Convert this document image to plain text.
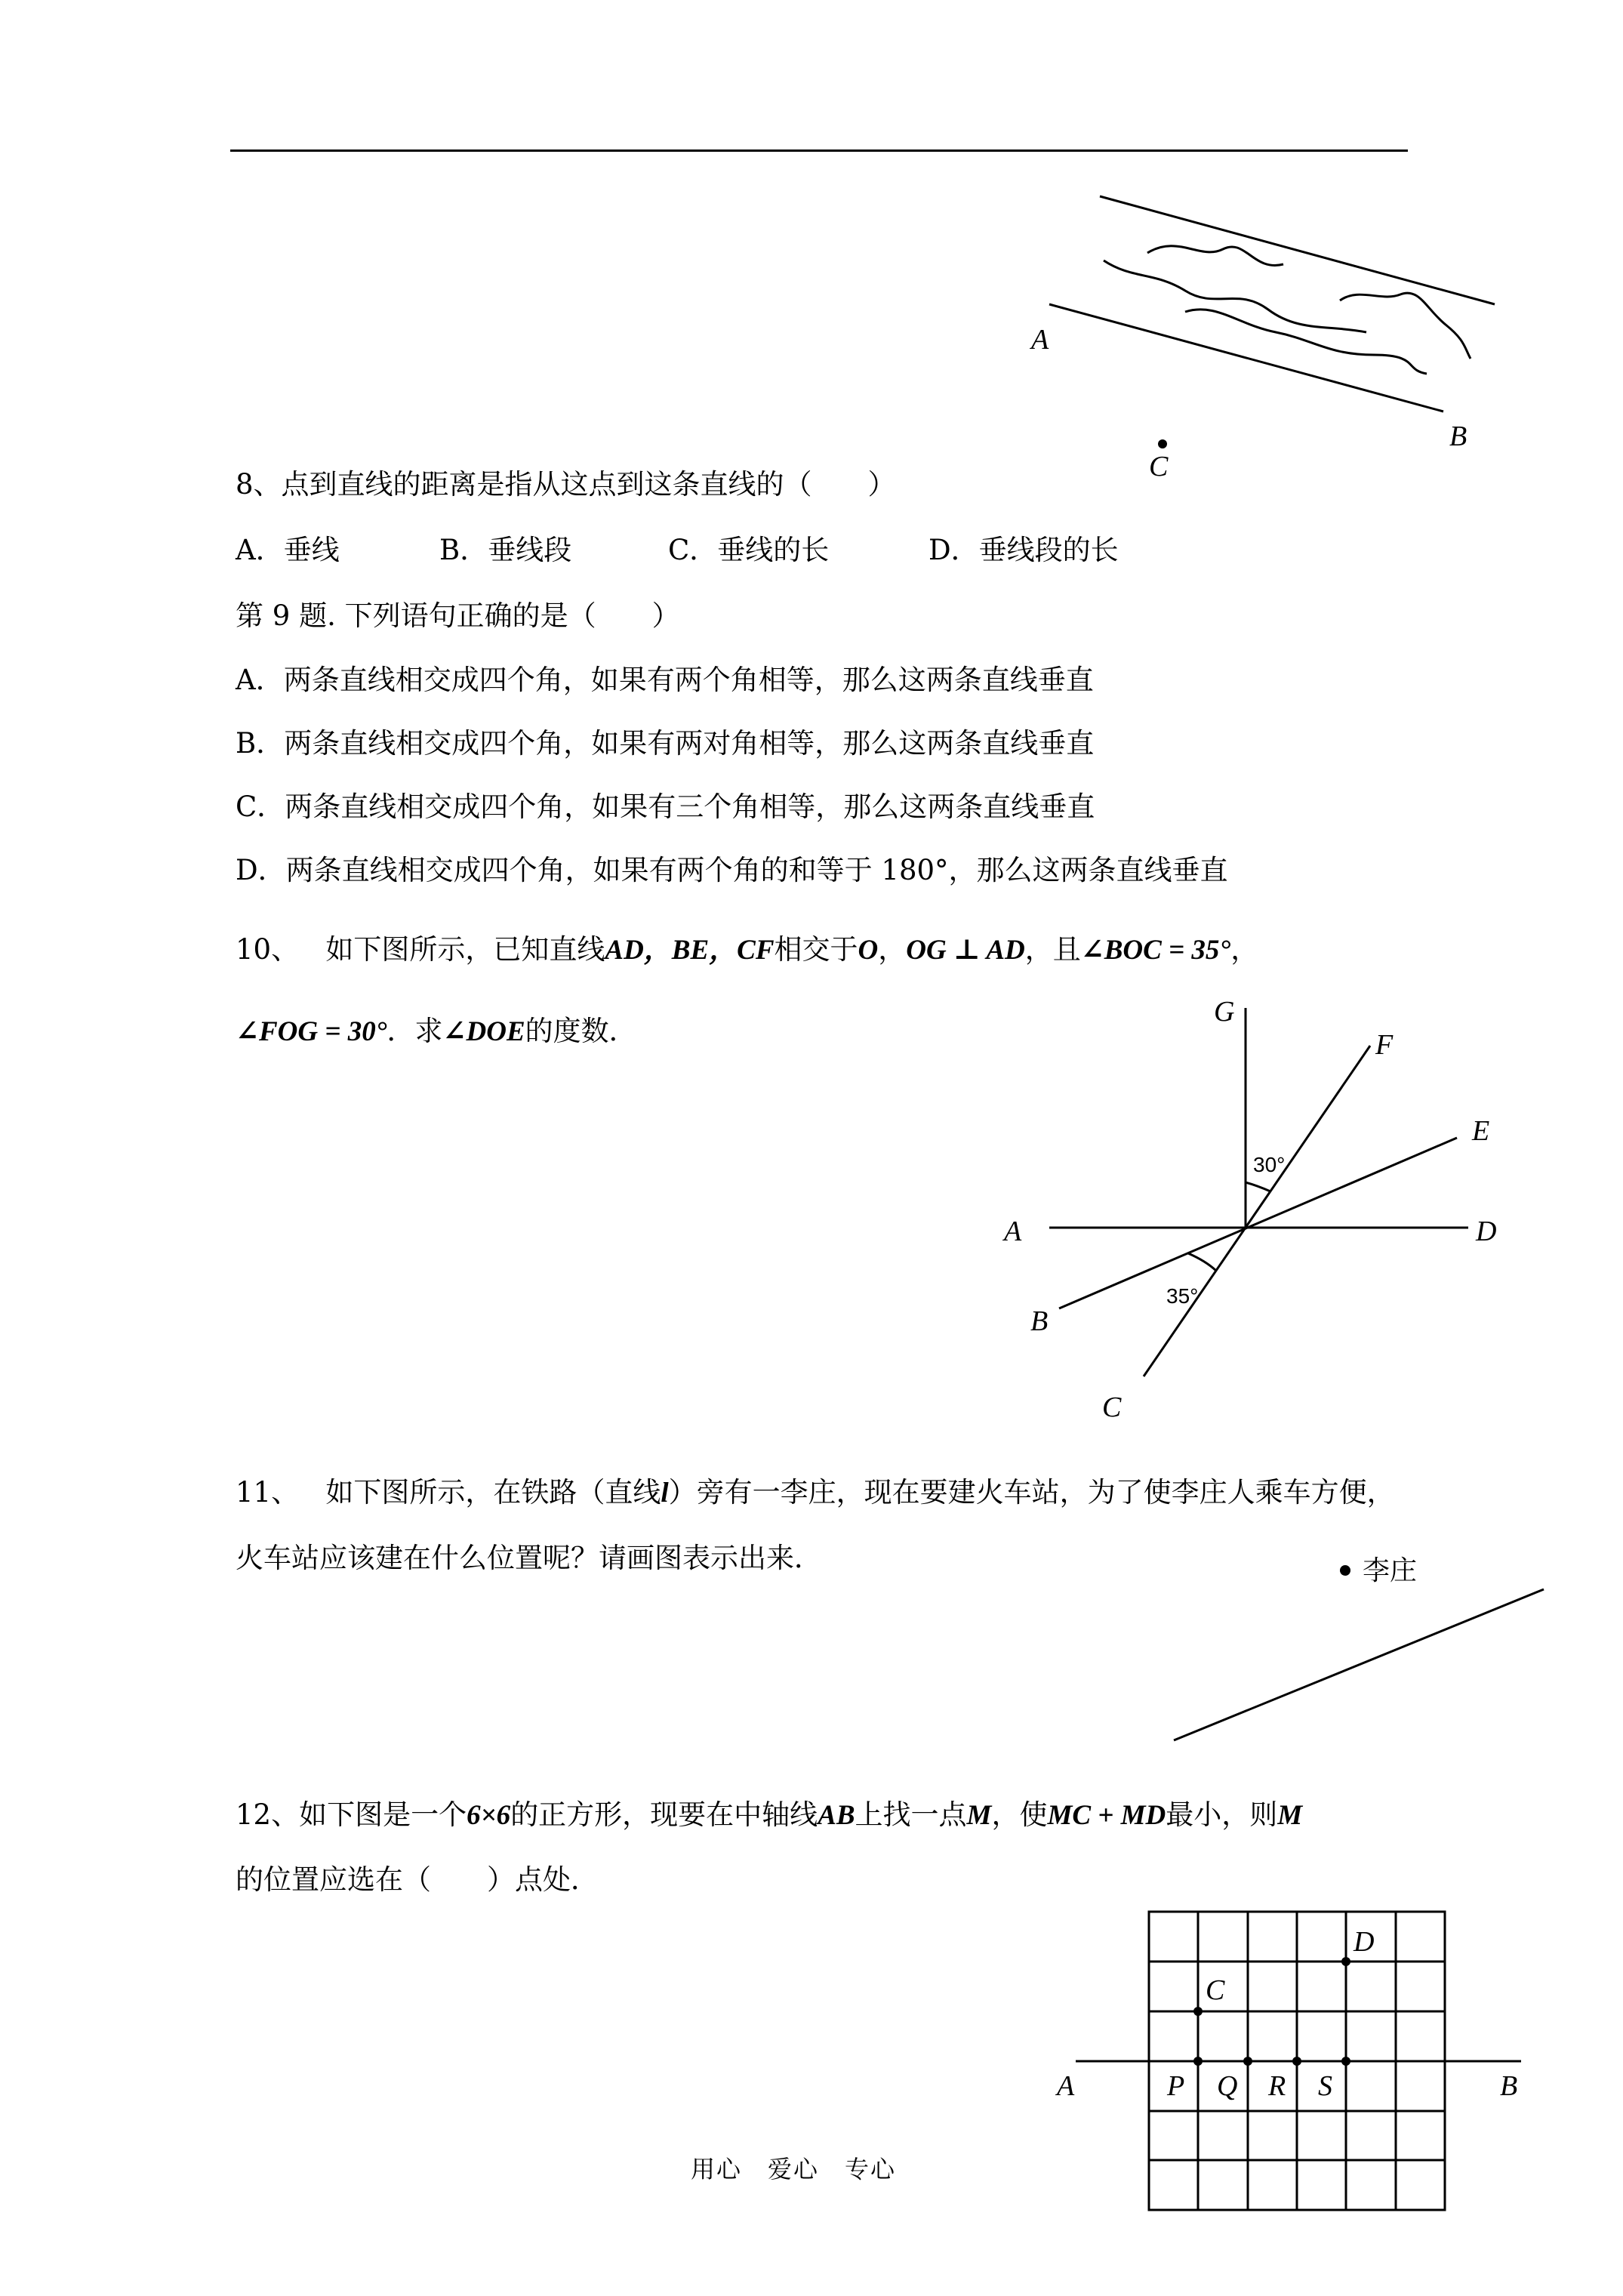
8、点到直线的距离是指从这点到这条直线的（　　）
A．垂线	B．垂线段	C．垂线的长	D．垂线段的长
第 9 题. 下列语句正确的是（　　）
A．两条直线相交成四个角，如果有两个角相等，那么这两条直线垂直
B．两条直线相交成四个角，如果有两对角相等，那么这两条直线垂直
C．两条直线相交成四个角，如果有三个角相等，那么这两条直线垂直
D．两条直线相交成四个角，如果有两个角的和等于 180°，那么这两条直线垂直
10、 如下图所示，已知直线AD，BE，CF相交于O，OG ⊥ AD，且∠BOC = 35°，
∠FOG = 30°．求∠DOE的度数．
11、 如下图所示，在铁路（直线l）旁有一李庄，现在要建火车站，为了使李庄人乘车方便，
火车站应该建在什么位置呢？请画图表示出来．
12、如下图是一个6×6的正方形，现要在中轴线AB上找一点M，使MC + MD最小，则M
的位置应选在（　　）点处．
用心　爱心　专心
A
B
C
G
F
E
A	D
B
C
30°
35°
李庄
A	B
C
D
P Q R S
